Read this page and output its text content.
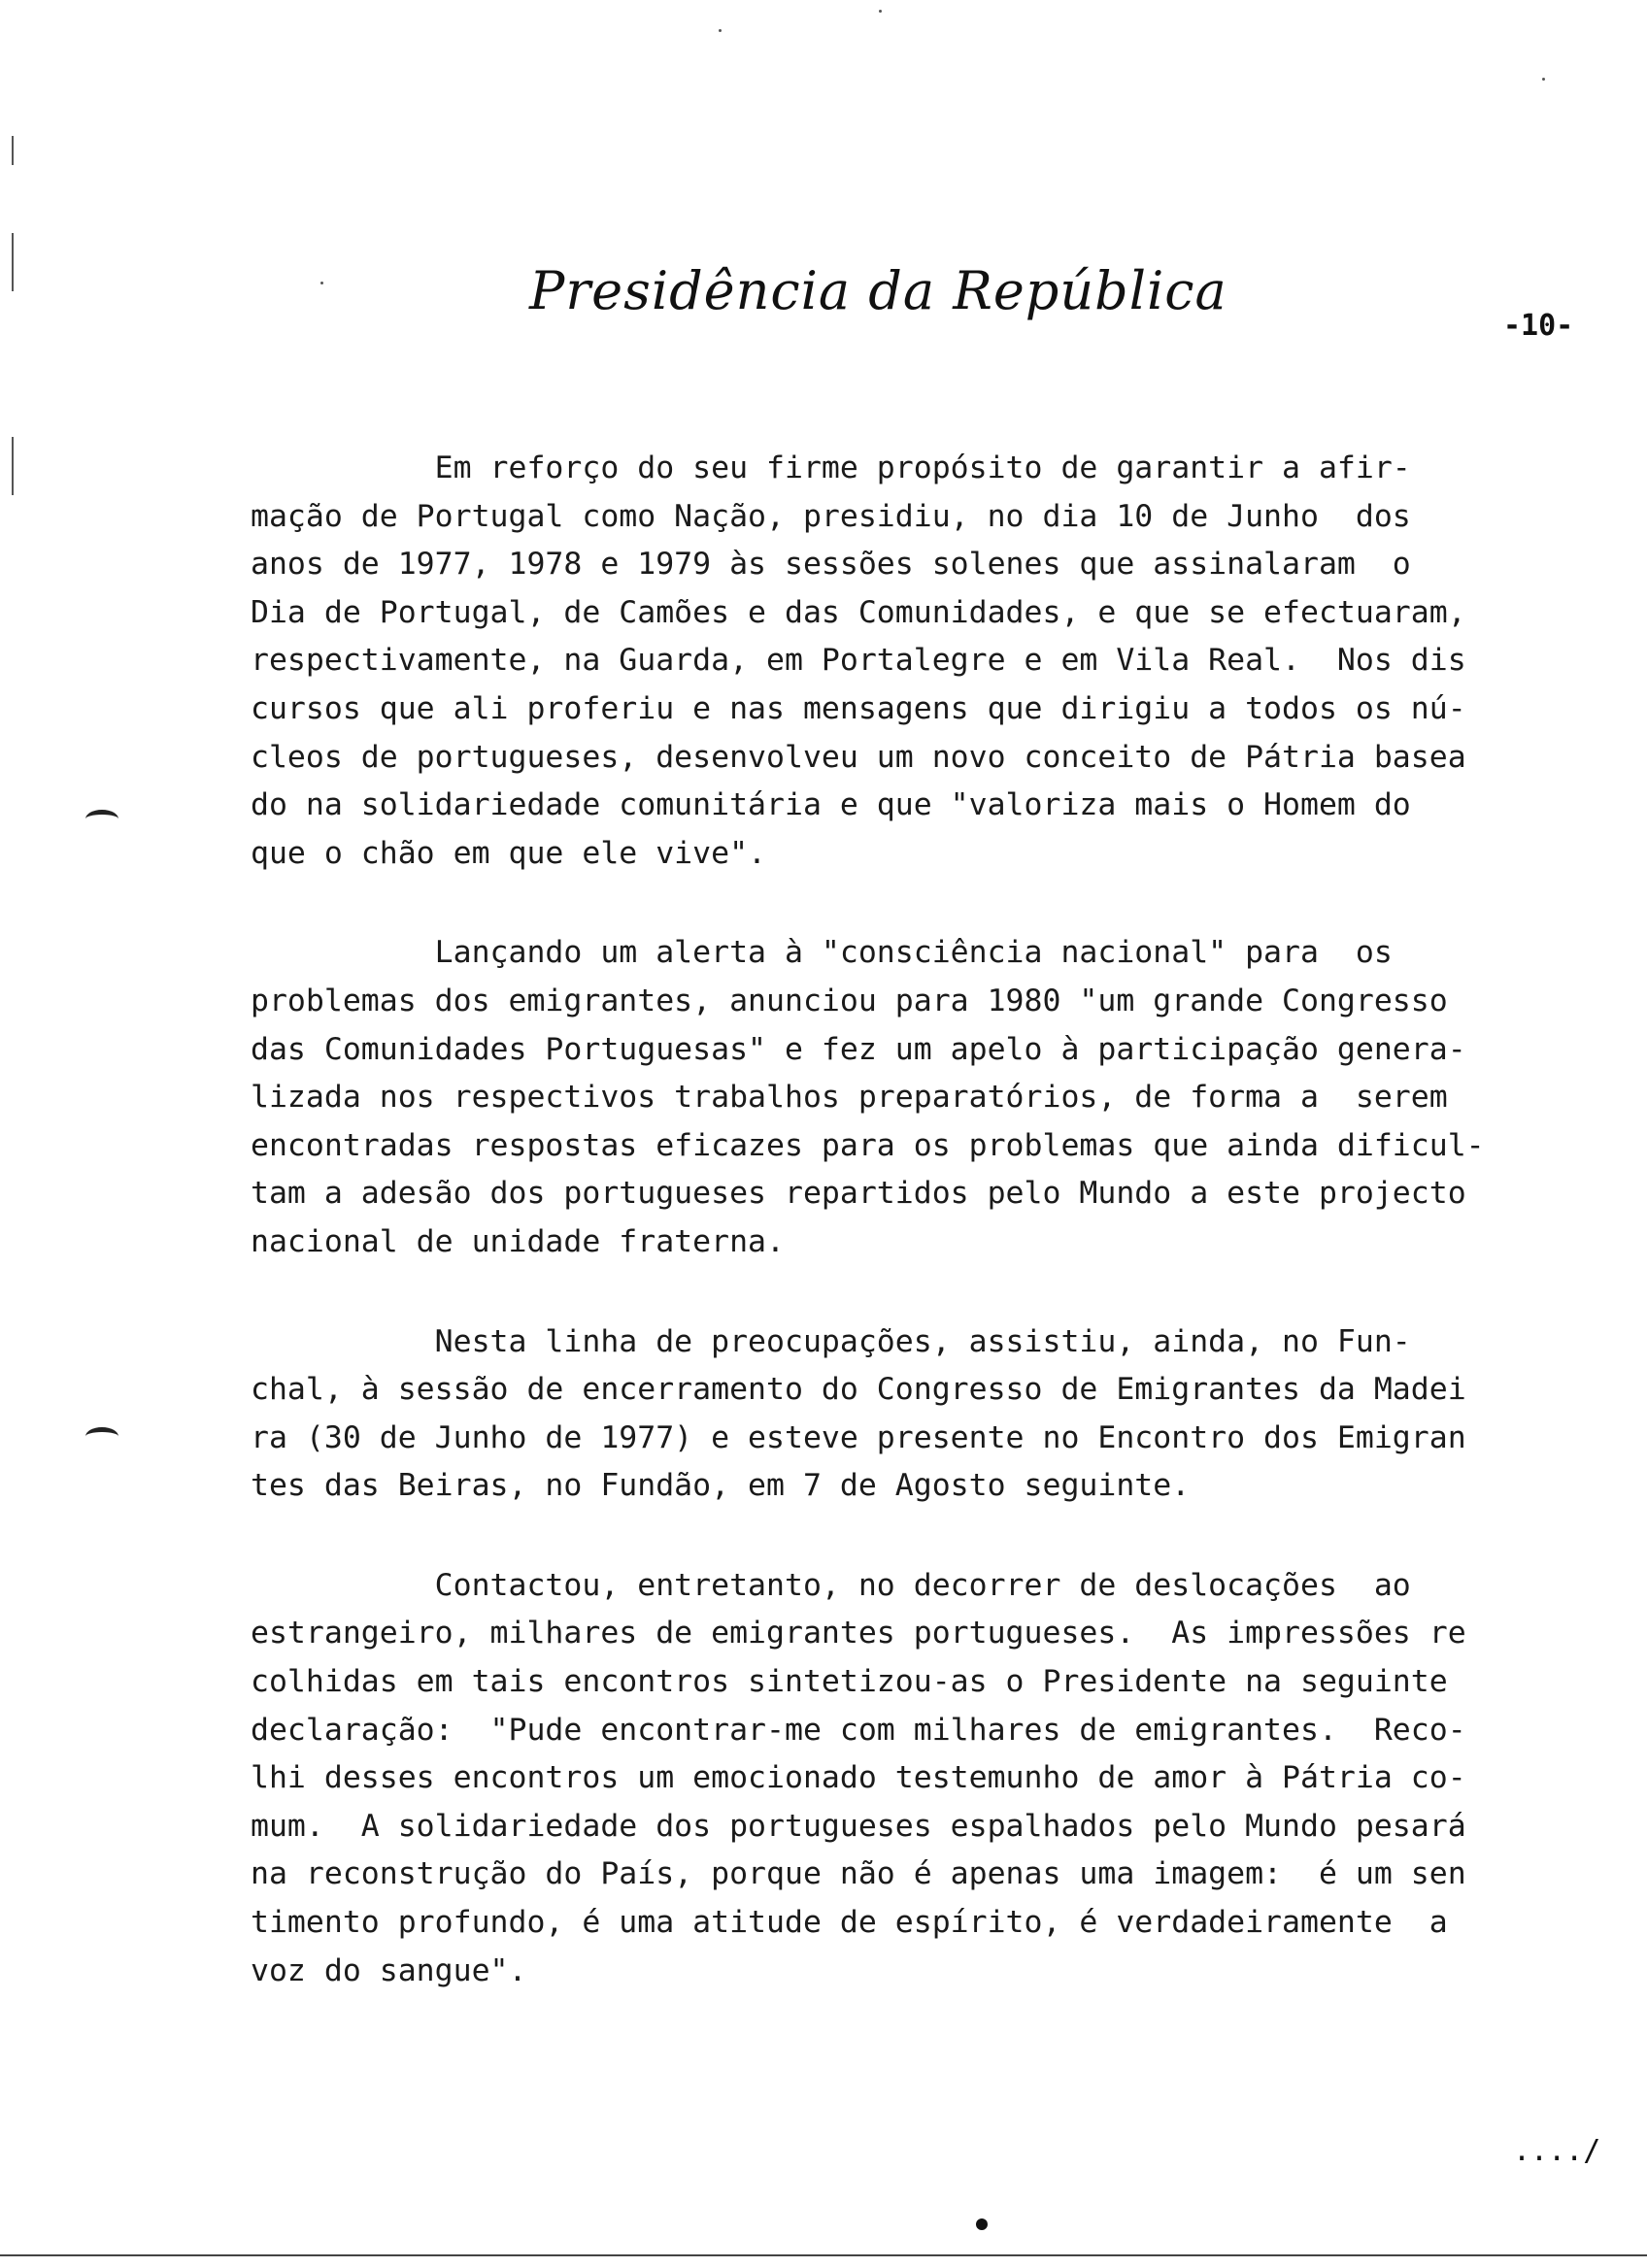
Presidência da República
-10-
Em reforço do seu firme propósito de garantir a afir-
mação de Portugal como Nação, presidiu, no dia 10 de Junho  dos
anos de 1977, 1978 e 1979 às sessões solenes que assinalaram  o
Dia de Portugal, de Camões e das Comunidades, e que se efectuaram,
respectivamente, na Guarda, em Portalegre e em Vila Real.  Nos dis
cursos que ali proferiu e nas mensagens que dirigiu a todos os nú-
cleos de portugueses, desenvolveu um novo conceito de Pátria basea
do na solidariedade comunitária e que "valoriza mais o Homem do
que o chão em que ele vive".
Lançando um alerta à "consciência nacional" para  os
problemas dos emigrantes, anunciou para 1980 "um grande Congresso
das Comunidades Portuguesas" e fez um apelo à participação genera-
lizada nos respectivos trabalhos preparatórios, de forma a  serem
encontradas respostas eficazes para os problemas que ainda dificul-
tam a adesão dos portugueses repartidos pelo Mundo a este projecto
nacional de unidade fraterna.
Nesta linha de preocupações, assistiu, ainda, no Fun-
chal, à sessão de encerramento do Congresso de Emigrantes da Madei
ra (30 de Junho de 1977) e esteve presente no Encontro dos Emigran
tes das Beiras, no Fundão, em 7 de Agosto seguinte.
Contactou, entretanto, no decorrer de deslocações  ao
estrangeiro, milhares de emigrantes portugueses.  As impressões re
colhidas em tais encontros sintetizou-as o Presidente na seguinte
declaração:  "Pude encontrar-me com milhares de emigrantes.  Reco-
lhi desses encontros um emocionado testemunho de amor à Pátria co-
mum.  A solidariedade dos portugueses espalhados pelo Mundo pesará
na reconstrução do País, porque não é apenas uma imagem:  é um sen
timento profundo, é uma atitude de espírito, é verdadeiramente  a
voz do sangue".
..../
